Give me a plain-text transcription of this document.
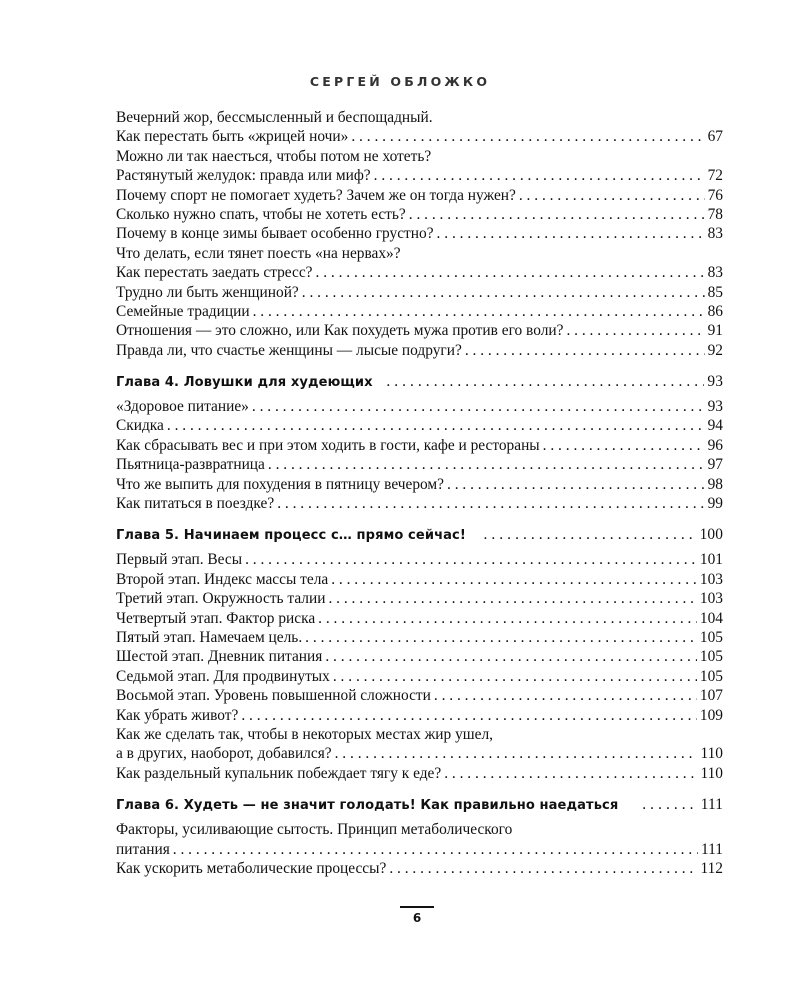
СЕРГЕЙ ОБЛОЖКО
Вечерний жор, бессмысленный и беспощадный.
Как перестать быть «жрицей ночи» . . .	67
Можно ли так наесться, чтобы потом не хотеть?
Растянутый желудок: правда или миф? . . .	72
Почему спорт не помогает худеть? Зачем же он тогда нужен? . . .	76
Сколько нужно спать, чтобы не хотеть есть? . . .	78
Почему в конце зимы бывает особенно грустно? . . .	83
Что делать, если тянет поесть «на нервах»?
Как перестать заедать стресс? . . .	83
Трудно ли быть женщиной? . . .	85
Семейные традиции . . .	86
Отношения — это сложно, или Как похудеть мужа против его воли? . . .	91
Правда ли, что счастье женщины — лысые подруги? . . .	92
Глава 4. Ловушки для худеющих . . .	93
«Здоровое питание» . . .	93
Скидка . . .	94
Как сбрасывать вес и при этом ходить в гости, кафе и рестораны . . .	96
Пьятница-развратница . . .	97
Что же выпить для похудения в пятницу вечером? . . .	98
Как питаться в поездке? . . .	99
Глава 5. Начинаем процесс с… прямо сейчас! . . .	100
Первый этап. Весы . . .	101
Второй этап. Индекс массы тела . . .	103
Третий этап. Окружность талии . . .	103
Четвертый этап. Фактор риска . . .	104
Пятый этап. Намечаем цель. . . .	105
Шестой этап. Дневник питания . . .	105
Седьмой этап. Для продвинутых . . .	105
Восьмой этап. Уровень повышенной сложности . . .	107
Как убрать живот? . . .	109
Как же сделать так, чтобы в некоторых местах жир ушел,
а в других, наоборот, добавился? . . .	110
Как раздельный купальник побеждает тягу к еде? . . .	110
Глава 6. Худеть — не значит голодать! Как правильно наедаться . . .	111
Факторы, усиливающие сытость. Принцип метаболического
питания . . .	111
Как ускорить метаболические процессы? . . .	112
6
